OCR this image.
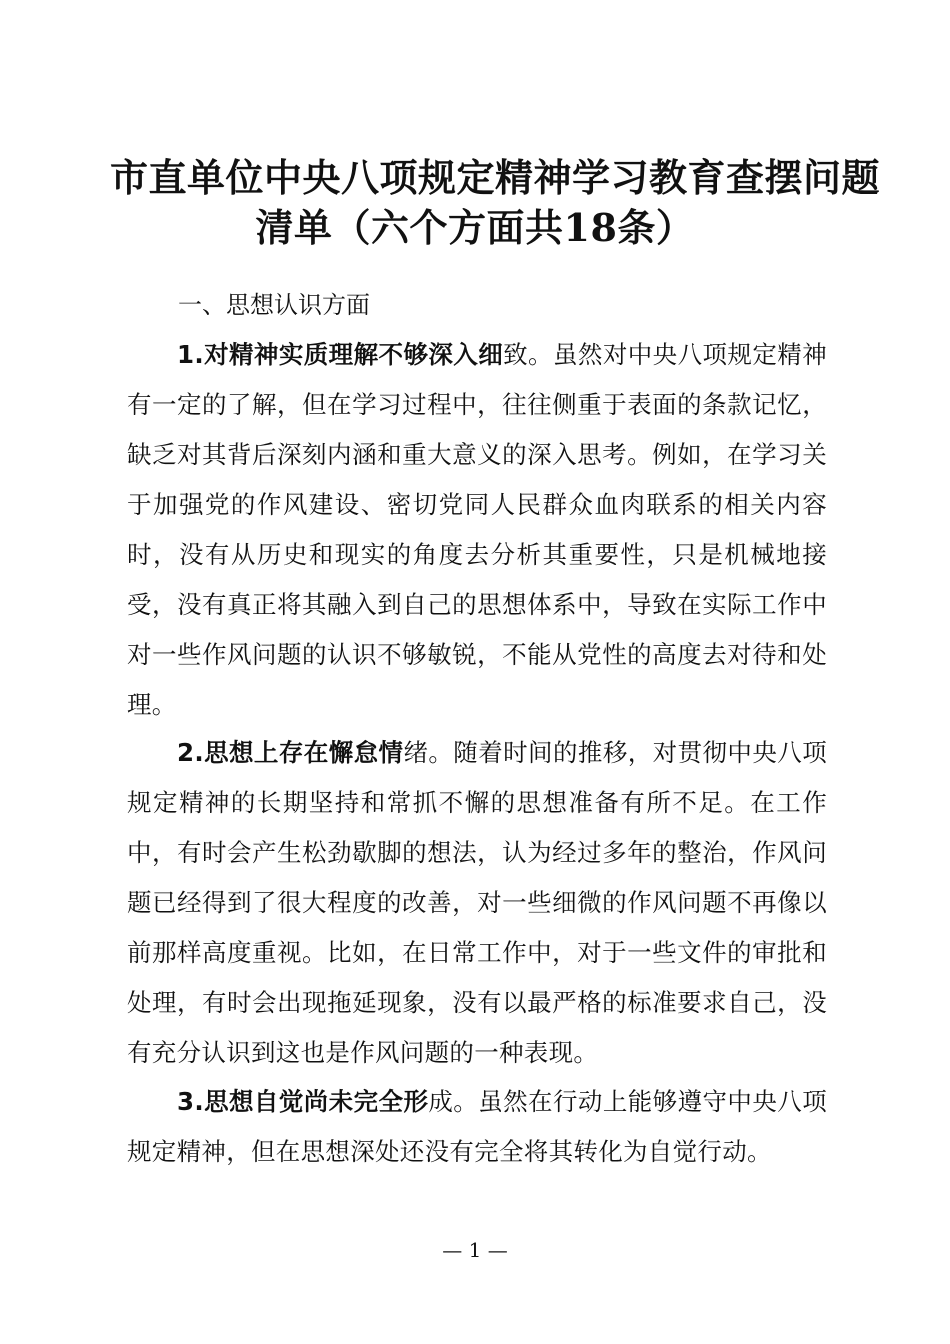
市直单位中央八项规定精神学习教育查摆问题
清单（六个方面共18条）
一、思想认识方面
1.对精神实质理解不够深入细致。虽然对中央八项规定精神有一定的了解，但在学习过程中，往往侧重于表面的条款记忆，缺乏对其背后深刻内涵和重大意义的深入思考。例如，在学习关于加强党的作风建设、密切党同人民群众血肉联系的相关内容时，没有从历史和现实的角度去分析其重要性，只是机械地接受，没有真正将其融入到自己的思想体系中，导致在实际工作中对一些作风问题的认识不够敏锐，不能从党性的高度去对待和处理。
2.思想上存在懈怠情绪。随着时间的推移，对贯彻中央八项规定精神的长期坚持和常抓不懈的思想准备有所不足。在工作中，有时会产生松劲歇脚的想法，认为经过多年的整治，作风问题已经得到了很大程度的改善，对一些细微的作风问题不再像以前那样高度重视。比如，在日常工作中，对于一些文件的审批和处理，有时会出现拖延现象，没有以最严格的标准要求自己，没有充分认识到这也是作风问题的一种表现。
3.思想自觉尚未完全形成。虽然在行动上能够遵守中央八项规定精神，但在思想深处还没有完全将其转化为自觉行动。
— 1 —
